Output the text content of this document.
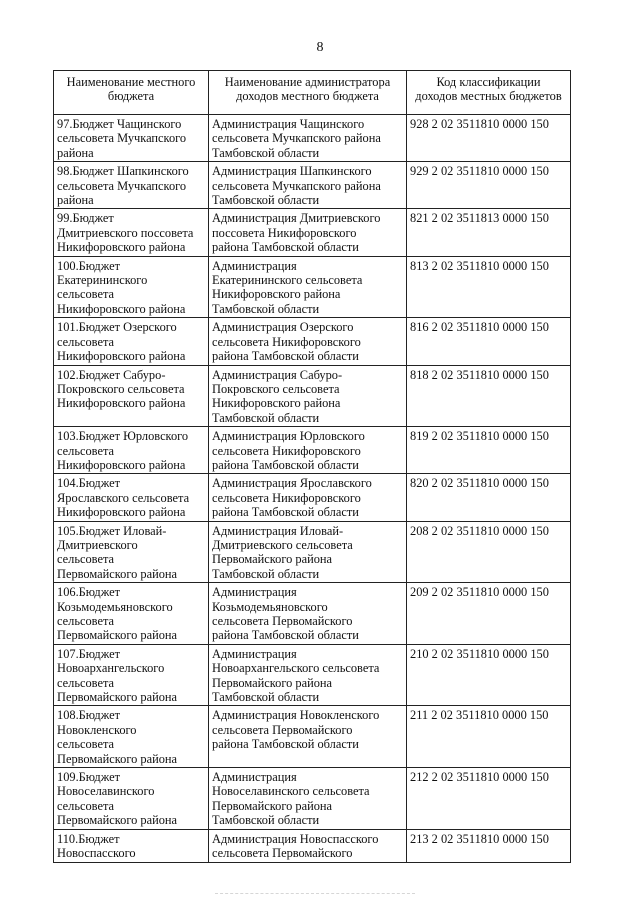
8
Наименование местного
бюджета	Наименование администратора
доходов местного бюджета	Код классификации
доходов местных бюджетов

97.Бюджет Чащинского
сельсовета Мучкапского
района	Администрация Чащинского
сельсовета Мучкапского района
Тамбовской области	928 2 02 3511810 0000 150

98.Бюджет Шапкинского
сельсовета Мучкапского
района	Администрация Шапкинского
сельсовета Мучкапского района
Тамбовской области	929 2 02 3511810 0000 150

99.Бюджет
Дмитриевского поссовета
Никифоровского района	Администрация Дмитриевского
поссовета Никифоровского
района Тамбовской области	821 2 02 3511813 0000 150

100.Бюджет
Екатерининского
сельсовета
Никифоровского района	Администрация
Екатерининского сельсовета
Никифоровского района
Тамбовской области	813 2 02 3511810 0000 150

101.Бюджет Озерского
сельсовета
Никифоровского района	Администрация Озерского
сельсовета Никифоровского
района Тамбовской области	816 2 02 3511810 0000 150

102.Бюджет Сабуро-
Покровского сельсовета
Никифоровского района	Администрация Сабуро-
Покровского сельсовета
Никифоровского района
Тамбовской области	818 2 02 3511810 0000 150

103.Бюджет Юрловского
сельсовета
Никифоровского района	Администрация Юрловского
сельсовета Никифоровского
района Тамбовской области	819 2 02 3511810 0000 150

104.Бюджет
Ярославского сельсовета
Никифоровского района	Администрация Ярославского
сельсовета Никифоровского
района Тамбовской области	820 2 02 3511810 0000 150

105.Бюджет Иловай-
Дмитриевского
сельсовета
Первомайского района	Администрация Иловай-
Дмитриевского сельсовета
Первомайского района
Тамбовской области	208 2 02 3511810 0000 150

106.Бюджет
Козьмодемьяновского
сельсовета
Первомайского района	Администрация
Козьмодемьяновского
сельсовета Первомайского
района Тамбовской области	209 2 02 3511810 0000 150

107.Бюджет
Новоархангельского
сельсовета
Первомайского района	Администрация
Новоархангельского сельсовета
Первомайского района
Тамбовской области	210 2 02 3511810 0000 150

108.Бюджет
Новокленского
сельсовета
Первомайского района	Администрация Новокленского
сельсовета Первомайского
района Тамбовской области	211 2 02 3511810 0000 150

109.Бюджет
Новоселавинского
сельсовета
Первомайского района	Администрация
Новоселавинского сельсовета
Первомайского района
Тамбовской области	212 2 02 3511810 0000 150

110.Бюджет
Новоспасского	Администрация Новоспасского
сельсовета Первомайского	213 2 02 3511810 0000 150
